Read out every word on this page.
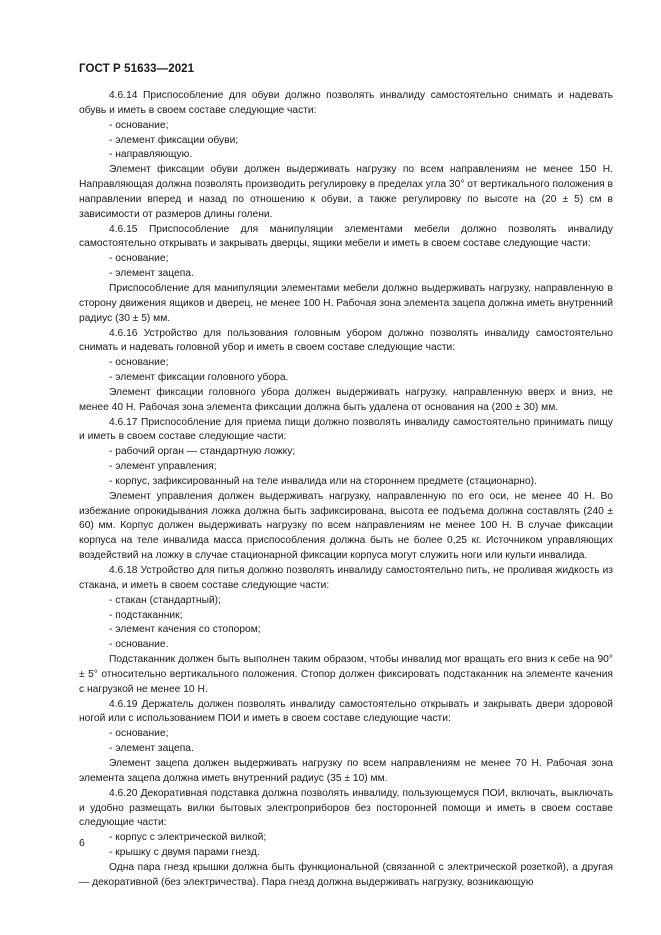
ГОСТ Р 51633—2021

4.6.14 Приспособление для обуви должно позволять инвалиду самостоятельно снимать и надевать обувь и иметь в своем составе следующие части:

- основание;

- элемент фиксации обуви;

- направляющую.

Элемент фиксации обуви должен выдерживать нагрузку по всем направлениям не менее 150 Н. Направляющая должна позволять производить регулировку в пределах угла 30° от вертикального положения в направлении вперед и назад по отношению к обуви, а также регулировку по высоте на (20 ± 5) см в зависимости от размеров длины голени.

4.6.15 Приспособление для манипуляции элементами мебели должно позволять инвалиду самостоятельно открывать и закрывать дверцы, ящики мебели и иметь в своем составе следующие части:

- основание;

- элемент зацепа.

Приспособление для манипуляции элементами мебели должно выдерживать нагрузку, направленную в сторону движения ящиков и дверец, не менее 100 Н. Рабочая зона элемента зацепа должна иметь внутренний радиус (30 ± 5) мм.

4.6.16 Устройство для пользования головным убором должно позволять инвалиду самостоятельно снимать и надевать головной убор и иметь в своем составе следующие части:

- основание;

- элемент фиксации головного убора.

Элемент фиксации головного убора должен выдерживать нагрузку, направленную вверх и вниз, не менее 40 Н. Рабочая зона элемента фиксации должна быть удалена от основания на (200 ± 30) мм.

4.6.17 Приспособление для приема пищи должно позволять инвалиду самостоятельно принимать пищу и иметь в своем составе следующие части:

- рабочий орган — стандартную ложку;

- элемент управления;

- корпус, зафиксированный на теле инвалида или на стороннем предмете (стационарно).

Элемент управления должен выдерживать нагрузку, направленную по его оси, не менее 40 Н. Во избежание опрокидывания ложка должна быть зафиксирована, высота ее подъема должна составлять (240 ± 60) мм. Корпус должен выдерживать нагрузку по всем направлениям не менее 100 Н. В случае фиксации корпуса на теле инвалида масса приспособления должна быть не более 0,25 кг. Источником управляющих воздействий на ложку в случае стационарной фиксации корпуса могут служить ноги или культи инвалида.

4.6.18 Устройство для питья должно позволять инвалиду самостоятельно пить, не проливая жидкость из стакана, и иметь в своем составе следующие части:

- стакан (стандартный);

- подстаканник;

- элемент качения со стопором;

- основание.

Подстаканник должен быть выполнен таким образом, чтобы инвалид мог вращать его вниз к себе на 90° ± 5° относительно вертикального положения. Стопор должен фиксировать подстаканник на элементе качения с нагрузкой не менее 10 Н.

4.6.19 Держатель должен позволять инвалиду самостоятельно открывать и закрывать двери здоровой ногой или с использованием ПОИ и иметь в своем составе следующие части:

- основание;

- элемент зацепа.

Элемент зацепа должен выдерживать нагрузку по всем направлениям не менее 70 Н. Рабочая зона элемента зацепа должна иметь внутренний радиус (35 ± 10) мм.

4.6.20 Декоративная подставка должна позволять инвалиду, пользующемуся ПОИ, включать, выключать и удобно размещать вилки бытовых электроприборов без посторонней помощи и иметь в своем составе следующие части:

- корпус с электрической вилкой;

- крышку с двумя парами гнезд.

Одна пара гнезд крышки должна быть функциональной (связанной с электрической розеткой), а другая — декоративной (без электричества). Пара гнезд должна выдерживать нагрузку, возникающую

6
